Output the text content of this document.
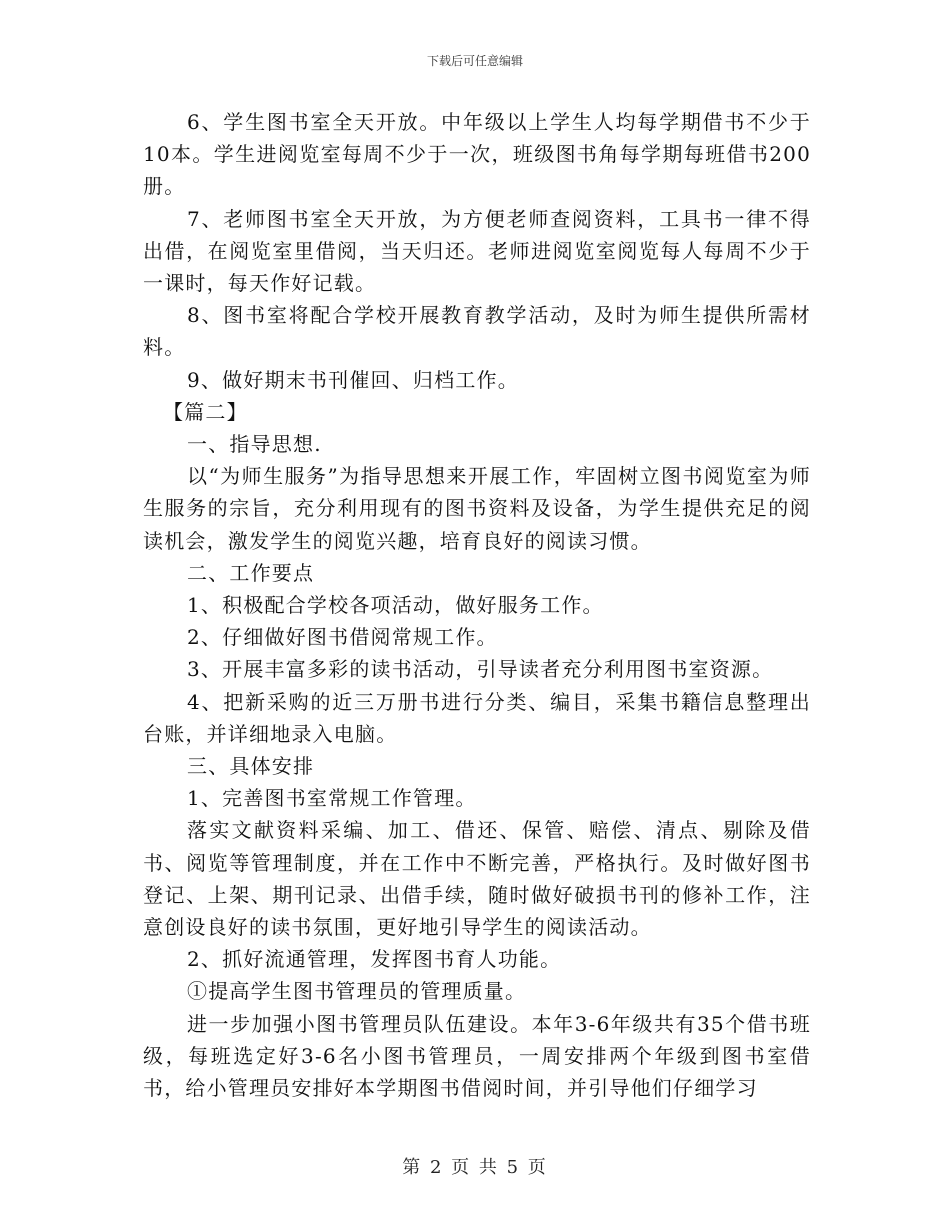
下载后可任意编辑

6、学生图书室全天开放。中年级以上学生人均每学期借书不少于10本。学生进阅览室每周不少于一次，班级图书角每学期每班借书200册。

7、老师图书室全天开放，为方便老师查阅资料，工具书一律不得出借，在阅览室里借阅，当天归还。老师进阅览室阅览每人每周不少于一课时，每天作好记载。

8、图书室将配合学校开展教育教学活动，及时为师生提供所需材料。

9、做好期末书刊催回、归档工作。

【篇二】

一、指导思想.

以“为师生服务”为指导思想来开展工作，牢固树立图书阅览室为师生服务的宗旨，充分利用现有的图书资料及设备，为学生提供充足的阅读机会，激发学生的阅览兴趣，培育良好的阅读习惯。

二、工作要点

1、积极配合学校各项活动，做好服务工作。

2、仔细做好图书借阅常规工作。

3、开展丰富多彩的读书活动，引导读者充分利用图书室资源。

4、把新采购的近三万册书进行分类、编目，采集书籍信息整理出台账，并详细地录入电脑。

三、具体安排

1、完善图书室常规工作管理。

落实文献资料采编、加工、借还、保管、赔偿、清点、剔除及借书、阅览等管理制度，并在工作中不断完善，严格执行。及时做好图书登记、上架、期刊记录、出借手续，随时做好破损书刊的修补工作，注意创设良好的读书氛围，更好地引导学生的阅读活动。

2、抓好流通管理，发挥图书育人功能。

①提高学生图书管理员的管理质量。

进一步加强小图书管理员队伍建设。本年3-6年级共有35个借书班级，每班选定好3-6名小图书管理员，一周安排两个年级到图书室借书，给小管理员安排好本学期图书借阅时间，并引导他们仔细学习

第 2 页 共 5 页
